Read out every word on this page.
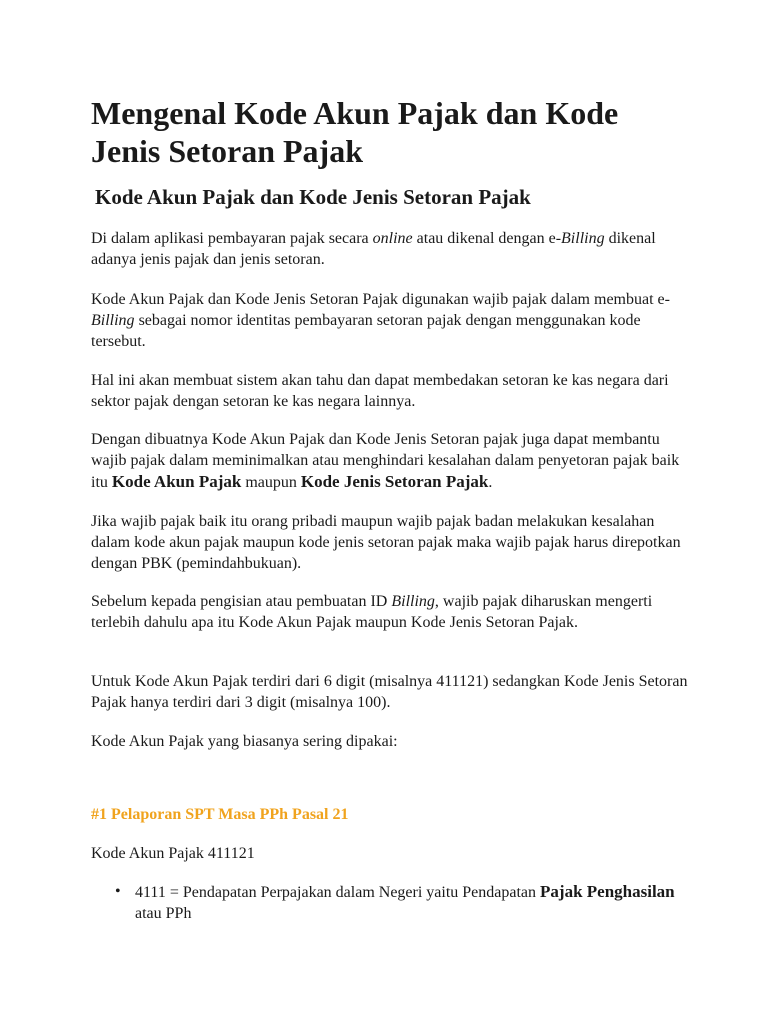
Mengenal Kode Akun Pajak dan Kode Jenis Setoran Pajak
Kode Akun Pajak dan Kode Jenis Setoran Pajak

Di dalam aplikasi pembayaran pajak secara online atau dikenal dengan e-Billing dikenal adanya jenis pajak dan jenis setoran.

Kode Akun Pajak dan Kode Jenis Setoran Pajak digunakan wajib pajak dalam membuat e-Billing sebagai nomor identitas pembayaran setoran pajak dengan menggunakan kode tersebut.

Hal ini akan membuat sistem akan tahu dan dapat membedakan setoran ke kas negara dari sektor pajak dengan setoran ke kas negara lainnya.

Dengan dibuatnya Kode Akun Pajak dan Kode Jenis Setoran pajak juga dapat membantu wajib pajak dalam meminimalkan atau menghindari kesalahan dalam penyetoran pajak baik itu Kode Akun Pajak maupun Kode Jenis Setoran Pajak.

Jika wajib pajak baik itu orang pribadi maupun wajib pajak badan melakukan kesalahan dalam kode akun pajak maupun kode jenis setoran pajak maka wajib pajak harus direpotkan dengan PBK (pemindahbukuan).

Sebelum kepada pengisian atau pembuatan ID Billing, wajib pajak diharuskan mengerti terlebih dahulu apa itu Kode Akun Pajak maupun Kode Jenis Setoran Pajak.

Untuk Kode Akun Pajak terdiri dari 6 digit (misalnya 411121) sedangkan Kode Jenis Setoran Pajak hanya terdiri dari 3 digit (misalnya 100).

Kode Akun Pajak yang biasanya sering dipakai:

#1 Pelaporan SPT Masa PPh Pasal 21

Kode Akun Pajak 411121

• 4111 = Pendapatan Perpajakan dalam Negeri yaitu Pendapatan Pajak Penghasilan atau PPh
